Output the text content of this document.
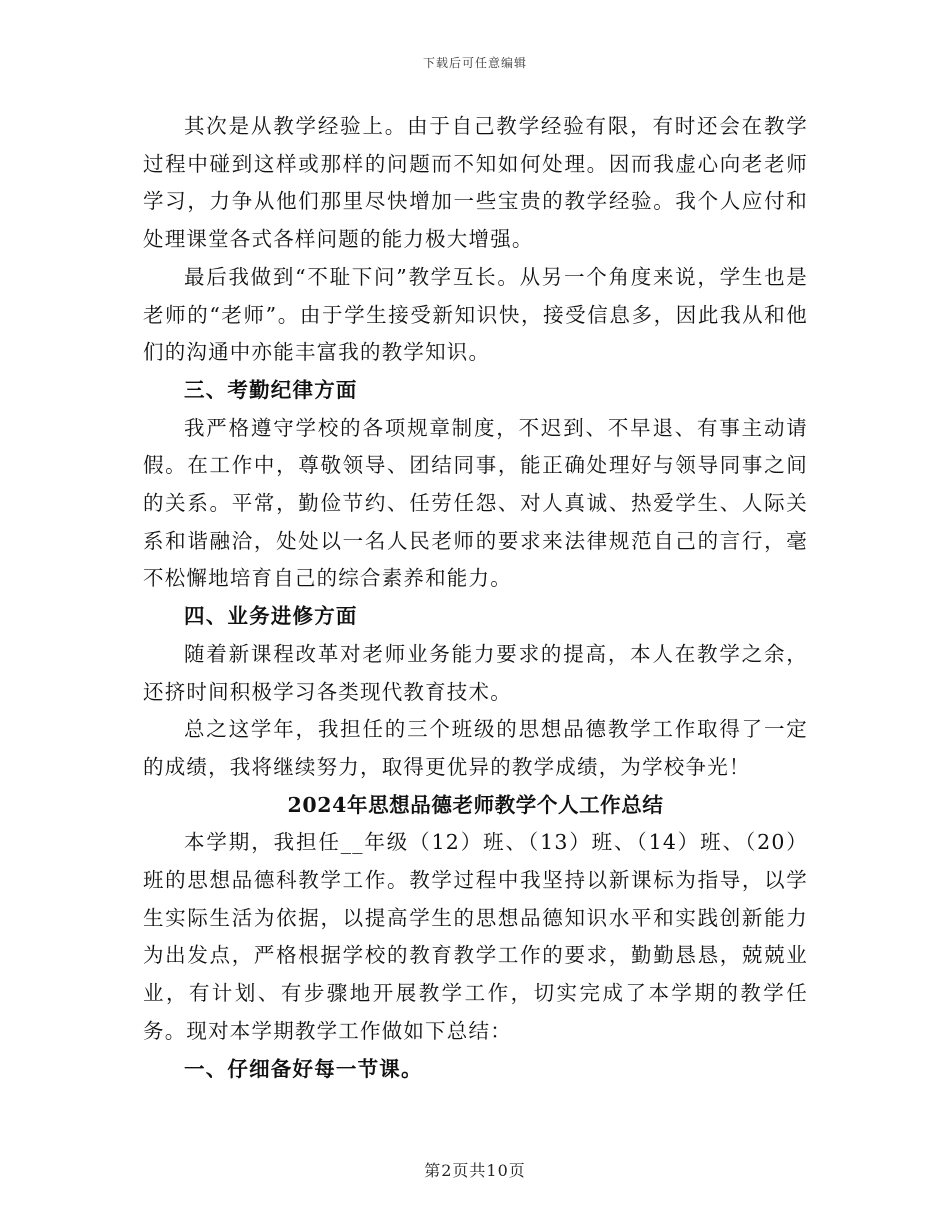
下载后可任意编辑

其次是从教学经验上。由于自己教学经验有限，有时还会在教学过程中碰到这样或那样的问题而不知如何处理。因而我虚心向老老师学习，力争从他们那里尽快增加一些宝贵的教学经验。我个人应付和处理课堂各式各样问题的能力极大增强。

最后我做到“不耻下问”教学互长。从另一个角度来说，学生也是老师的“老师”。由于学生接受新知识快，接受信息多，因此我从和他们的沟通中亦能丰富我的教学知识。

三、考勤纪律方面

我严格遵守学校的各项规章制度，不迟到、不早退、有事主动请假。在工作中，尊敬领导、团结同事，能正确处理好与领导同事之间的关系。平常，勤俭节约、任劳任怨、对人真诚、热爱学生、人际关系和谐融洽，处处以一名人民老师的要求来法律规范自己的言行，毫不松懈地培育自己的综合素养和能力。

四、业务进修方面

随着新课程改革对老师业务能力要求的提高，本人在教学之余，还挤时间积极学习各类现代教育技术。

总之这学年，我担任的三个班级的思想品德教学工作取得了一定的成绩，我将继续努力，取得更优异的教学成绩，为学校争光！

2024年思想品德老师教学个人工作总结

本学期，我担任__年级（12）班、（13）班、（14）班、（20）班的思想品德科教学工作。教学过程中我坚持以新课标为指导，以学生实际生活为依据，以提高学生的思想品德知识水平和实践创新能力为出发点，严格根据学校的教育教学工作的要求，勤勤恳恳，兢兢业业，有计划、有步骤地开展教学工作，切实完成了本学期的教学任务。现对本学期教学工作做如下总结：

一、仔细备好每一节课。

第2页共10页
